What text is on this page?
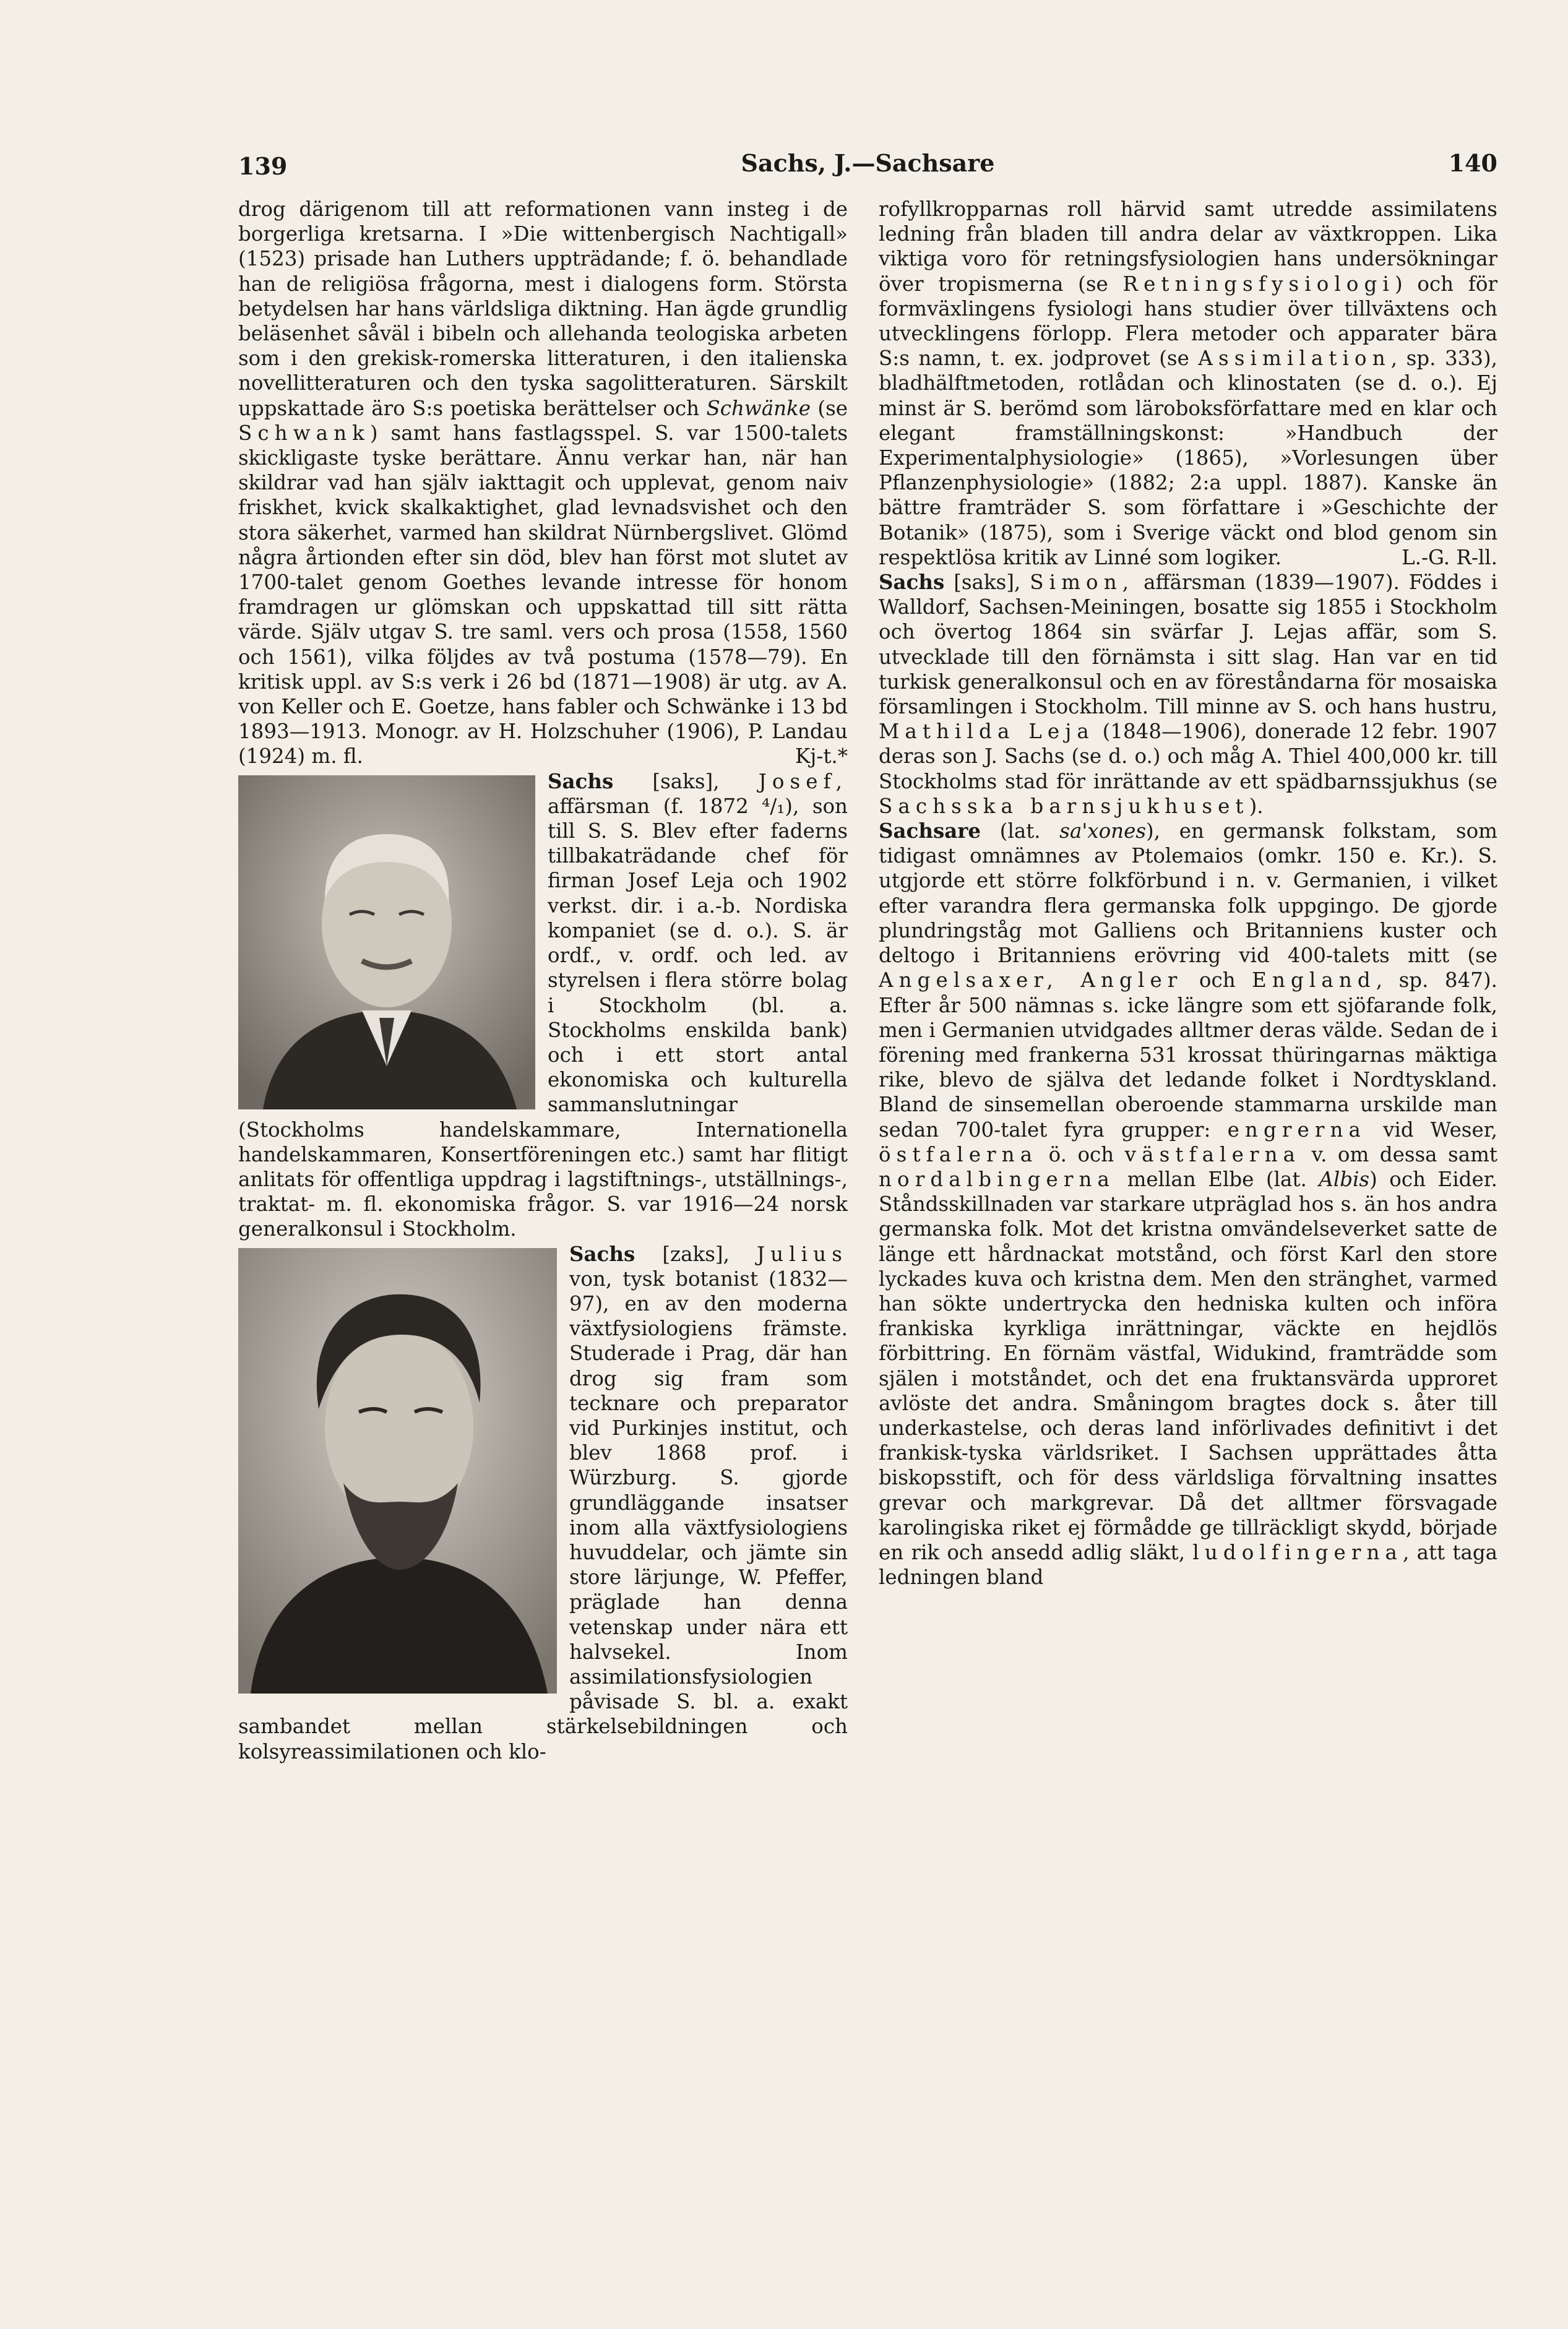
139	Sachs, J.—Sachsare	140

drog därigenom till att reformationen vann insteg i de borgerliga kretsarna. I »Die wittenbergisch Nachtigall» (1523) prisade han Luthers uppträdande; f. ö. behandlade han de religiösa frågorna, mest i dialogens form. Största betydelsen har hans världsliga diktning. Han ägde grundlig beläsenhet såväl i bibeln och allehanda teologiska arbeten som i den grekisk-romerska litteraturen, i den italienska novellitteraturen och den tyska sagolitteraturen. Särskilt uppskattade äro S:s poetiska berättelser och Schwänke (se Schwank) samt hans fastlagsspel. S. var 1500-talets skickligaste tyske berättare. Ännu verkar han, när han skildrar vad han själv iakttagit och upplevat, genom naiv friskhet, kvick skalkaktighet, glad levnadsvishet och den stora säkerhet, varmed han skildrat Nürnbergslivet. Glömd några årtionden efter sin död, blev han först mot slutet av 1700-talet genom Goethes levande intresse för honom framdragen ur glömskan och uppskattad till sitt rätta värde. Själv utgav S. tre saml. vers och prosa (1558, 1560 och 1561), vilka följdes av två postuma (1578—79). En kritisk uppl. av S:s verk i 26 bd (1871—1908) är utg. av A. von Keller och E. Goetze, hans fabler och Schwänke i 13 bd 1893—1913. Monogr. av H. Holzschuher (1906), P. Landau (1924) m. fl.	Kj-t.*

Sachs [saks], Josef,
affärsman (f. 1872 ⁴/₁), son till S. S. Blev efter faderns tillbakaträdande chef för firman Josef Leja och 1902 verkst. dir. i a.-b. Nordiska kompaniet (se d. o.). S. är ordf., v. ordf. och led. av styrelsen i flera större bolag i Stockholm (bl. a. Stockholms enskilda bank) och i ett stort antal ekonomiska och kulturella sammanslutningar (Stockholms handelskammare, Internationella handelskammaren, Konsertföreningen etc.) samt har flitigt anlitats för offentliga uppdrag i lagstiftnings-, utställnings-, traktat- m. fl. ekonomiska frågor. S. var 1916—24 norsk generalkonsul i Stockholm.

Sachs [zaks], Julius
von, tysk botanist (1832—97), en av den moderna växtfysiologiens främste. Studerade i Prag, där han drog sig fram som tecknare och preparator vid Purkinjes institut, och blev 1868 prof. i Würzburg. S. gjorde grundläggande insatser inom alla växtfysiologiens huvuddelar, och jämte sin store lärjunge, W. Pfeffer, präglade han denna vetenskap under nära ett halvsekel. Inom assimilationsfysiologien påvisade S. bl. a. exakt sambandet mellan stärkelsebildningen och kolsyreassimilationen och klo-

rofyllkropparnas roll härvid samt utredde assimilatens ledning från bladen till andra delar av växtkroppen. Lika viktiga voro för retningsfysiologien hans undersökningar över tropismerna (se Retningsfysiologi) och för formväxlingens fysiologi hans studier över tillväxtens och utvecklingens förlopp. Flera metoder och apparater bära S:s namn, t. ex. jodprovet (se Assimilation, sp. 333), bladhälftmetoden, rotlådan och klinostaten (se d. o.). Ej minst är S. berömd som läroboksförfattare med en klar och elegant framställningskonst: »Handbuch der Experimentalphysiologie» (1865), »Vorlesungen über Pflanzenphysiologie» (1882; 2:a uppl. 1887). Kanske än bättre framträder S. som författare i »Geschichte der Botanik» (1875), som i Sverige väckt ond blod genom sin respektlösa kritik av Linné som logiker.	L.-G. R-ll.

Sachs [saks], Simon, affärsman (1839—1907). Föddes i Walldorf, Sachsen-Meiningen, bosatte sig 1855 i Stockholm och övertog 1864 sin svärfar J. Lejas affär, som S. utvecklade till den förnämsta i sitt slag. Han var en tid turkisk generalkonsul och en av föreståndarna för mosaiska församlingen i Stockholm. Till minne av S. och hans hustru, Mathilda Leja (1848—1906), donerade 12 febr. 1907 deras son J. Sachs (se d. o.) och måg A. Thiel 400,000 kr. till Stockholms stad för inrättande av ett spädbarnssjukhus (se Sachsska barnsjukhuset).

Sachsare (lat. sa'xones), en germansk folkstam, som tidigast omnämnes av Ptolemaios (omkr. 150 e. Kr.). S. utgjorde ett större folkförbund i n. v. Germanien, i vilket efter varandra flera germanska folk uppgingo. De gjorde plundringståg mot Galliens och Britanniens kuster och deltogo i Britanniens erövring vid 400-talets mitt (se Angelsaxer, Angler och England, sp. 847). Efter år 500 nämnas s. icke längre som ett sjöfarande folk, men i Germanien utvidgades alltmer deras välde. Sedan de i förening med frankerna 531 krossat thüringarnas mäktiga rike, blevo de själva det ledande folket i Nordtyskland. Bland de sinsemellan oberoende stammarna urskilde man sedan 700-talet fyra grupper: engrerna vid Weser, östfalerna ö. och västfalerna v. om dessa samt nordalbingerna mellan Elbe (lat. Albis) och Eider. Ståndsskillnaden var starkare utpräglad hos s. än hos andra germanska folk. Mot det kristna omvändelseverket satte de länge ett hårdnackat motstånd, och först Karl den store lyckades kuva och kristna dem. Men den stränghet, varmed han sökte undertrycka den hedniska kulten och införa frankiska kyrkliga inrättningar, väckte en hejdlös förbittring. En förnäm västfal, Widukind, framträdde som själen i motståndet, och det ena fruktansvärda upproret avlöste det andra. Småningom bragtes dock s. åter till underkastelse, och deras land införlivades definitivt i det frankisk-tyska världsriket. I Sachsen upprättades åtta biskopsstift, och för dess världsliga förvaltning insattes grevar och markgrevar. Då det alltmer försvagade karolingiska riket ej förmådde ge tillräckligt skydd, började en rik och ansedd adlig släkt, ludolfingerna, att taga ledningen bland
